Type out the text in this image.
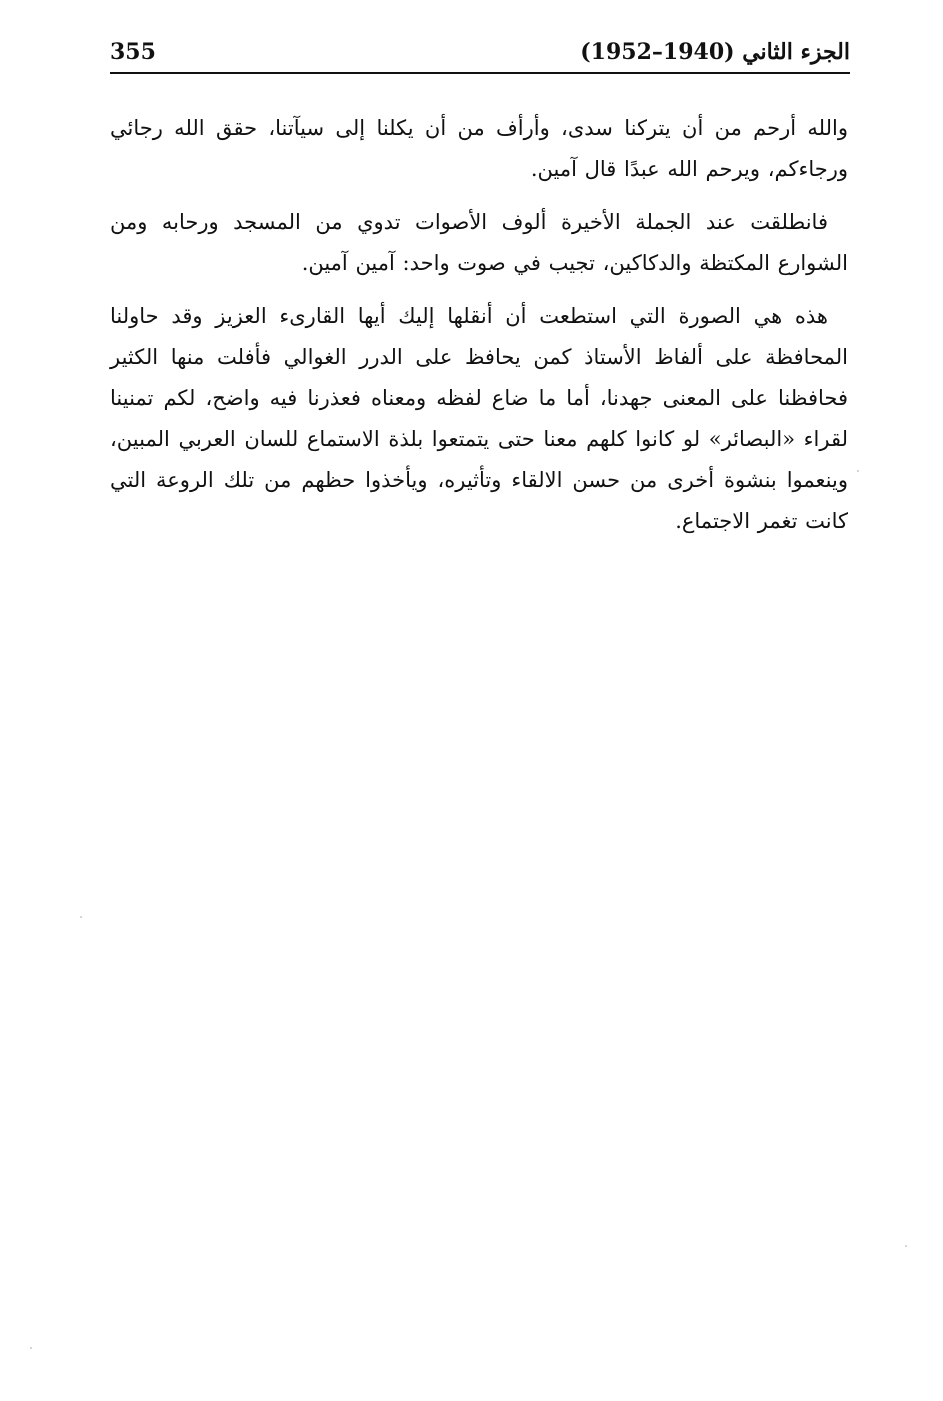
355	الجزء الثاني (1940–1952)

والله أرحم من أن يتركنا سدى، وأرأف من أن يكلنا إلى سيآتنا، حقق الله رجائي ورجاءكم، ويرحم الله عبدًا قال آمين.

فانطلقت عند الجملة الأخيرة ألوف الأصوات تدوي من المسجد ورحابه ومن الشوارع المكتظة والدكاكين، تجيب في صوت واحد: آمين آمين.

هذه هي الصورة التي استطعت أن أنقلها إليك أيها القارىء العزيز وقد حاولنا المحافظة على ألفاظ الأستاذ كمن يحافظ على الدرر الغوالي فأفلت منها الكثير فحافظنا على المعنى جهدنا، أما ما ضاع لفظه ومعناه فعذرنا فيه واضح، لكم تمنينا لقراء «البصائر» لو كانوا كلهم معنا حتى يتمتعوا بلذة الاستماع للسان العربي المبين، وينعموا بنشوة أخرى من حسن الالقاء وتأثيره، ويأخذوا حظهم من تلك الروعة التي كانت تغمر الاجتماع.
